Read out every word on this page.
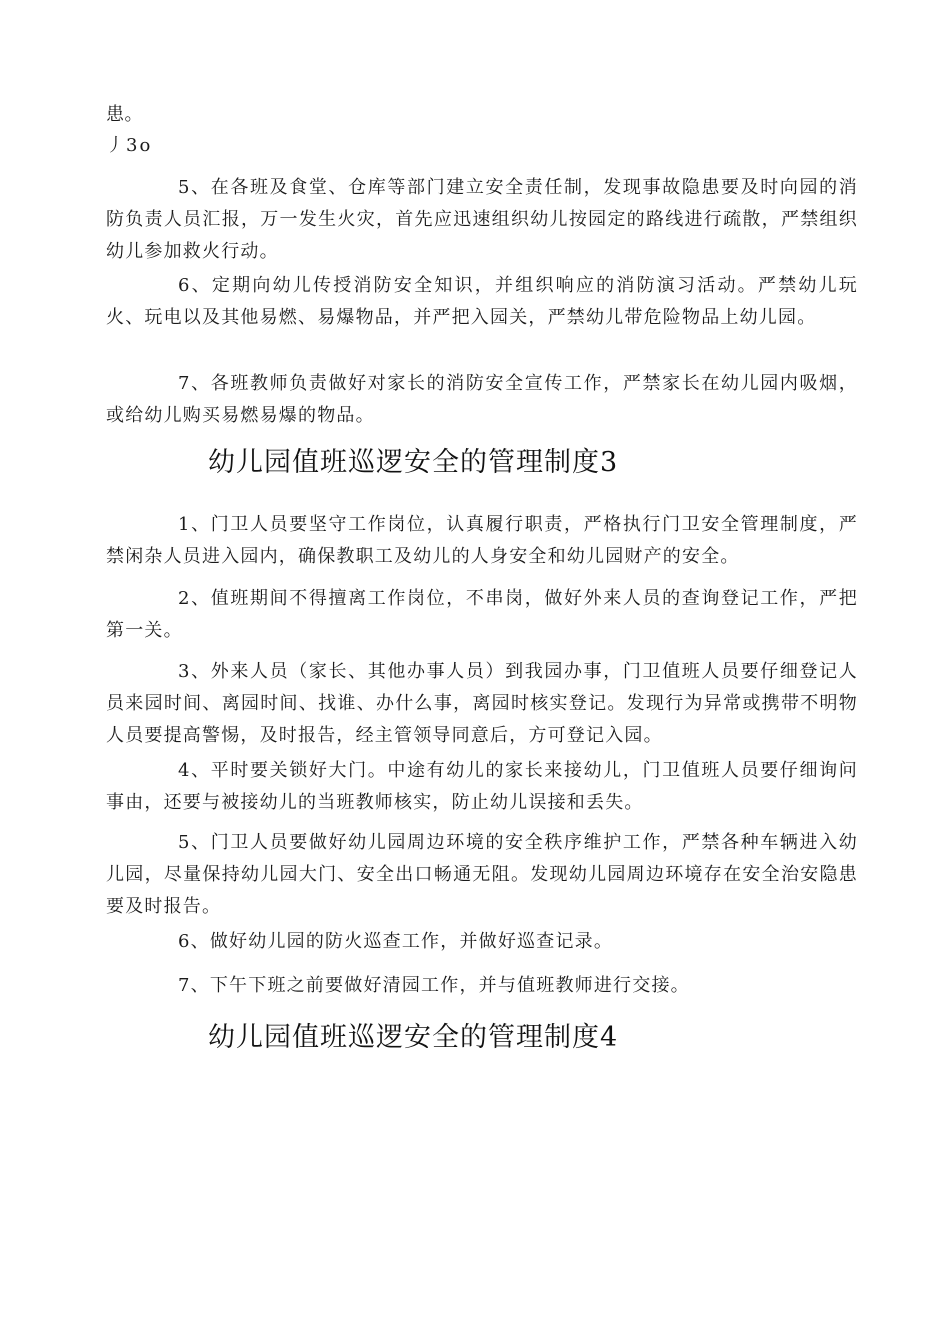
患。
丿3o

5、在各班及食堂、仓库等部门建立安全责任制，发现事故隐患要及时向园的消防负责人员汇报，万一发生火灾，首先应迅速组织幼儿按园定的路线进行疏散，严禁组织幼儿参加救火行动。

6、定期向幼儿传授消防安全知识，并组织响应的消防演习活动。严禁幼儿玩火、玩电以及其他易燃、易爆物品，并严把入园关，严禁幼儿带危险物品上幼儿园。

7、各班教师负责做好对家长的消防安全宣传工作，严禁家长在幼儿园内吸烟，或给幼儿购买易燃易爆的物品。

幼儿园值班巡逻安全的管理制度3

1、门卫人员要坚守工作岗位，认真履行职责，严格执行门卫安全管理制度，严禁闲杂人员进入园内，确保教职工及幼儿的人身安全和幼儿园财产的安全。

2、值班期间不得擅离工作岗位，不串岗，做好外来人员的查询登记工作，严把第一关。

3、外来人员（家长、其他办事人员）到我园办事，门卫值班人员要仔细登记人员来园时间、离园时间、找谁、办什么事，离园时核实登记。发现行为异常或携带不明物人员要提高警惕，及时报告，经主管领导同意后，方可登记入园。

4、平时要关锁好大门。中途有幼儿的家长来接幼儿，门卫值班人员要仔细询问事由，还要与被接幼儿的当班教师核实，防止幼儿误接和丢失。

5、门卫人员要做好幼儿园周边环境的安全秩序维护工作，严禁各种车辆进入幼儿园，尽量保持幼儿园大门、安全出口畅通无阻。发现幼儿园周边环境存在安全治安隐患要及时报告。

6、做好幼儿园的防火巡查工作，并做好巡查记录。

7、下午下班之前要做好清园工作，并与值班教师进行交接。

幼儿园值班巡逻安全的管理制度4
